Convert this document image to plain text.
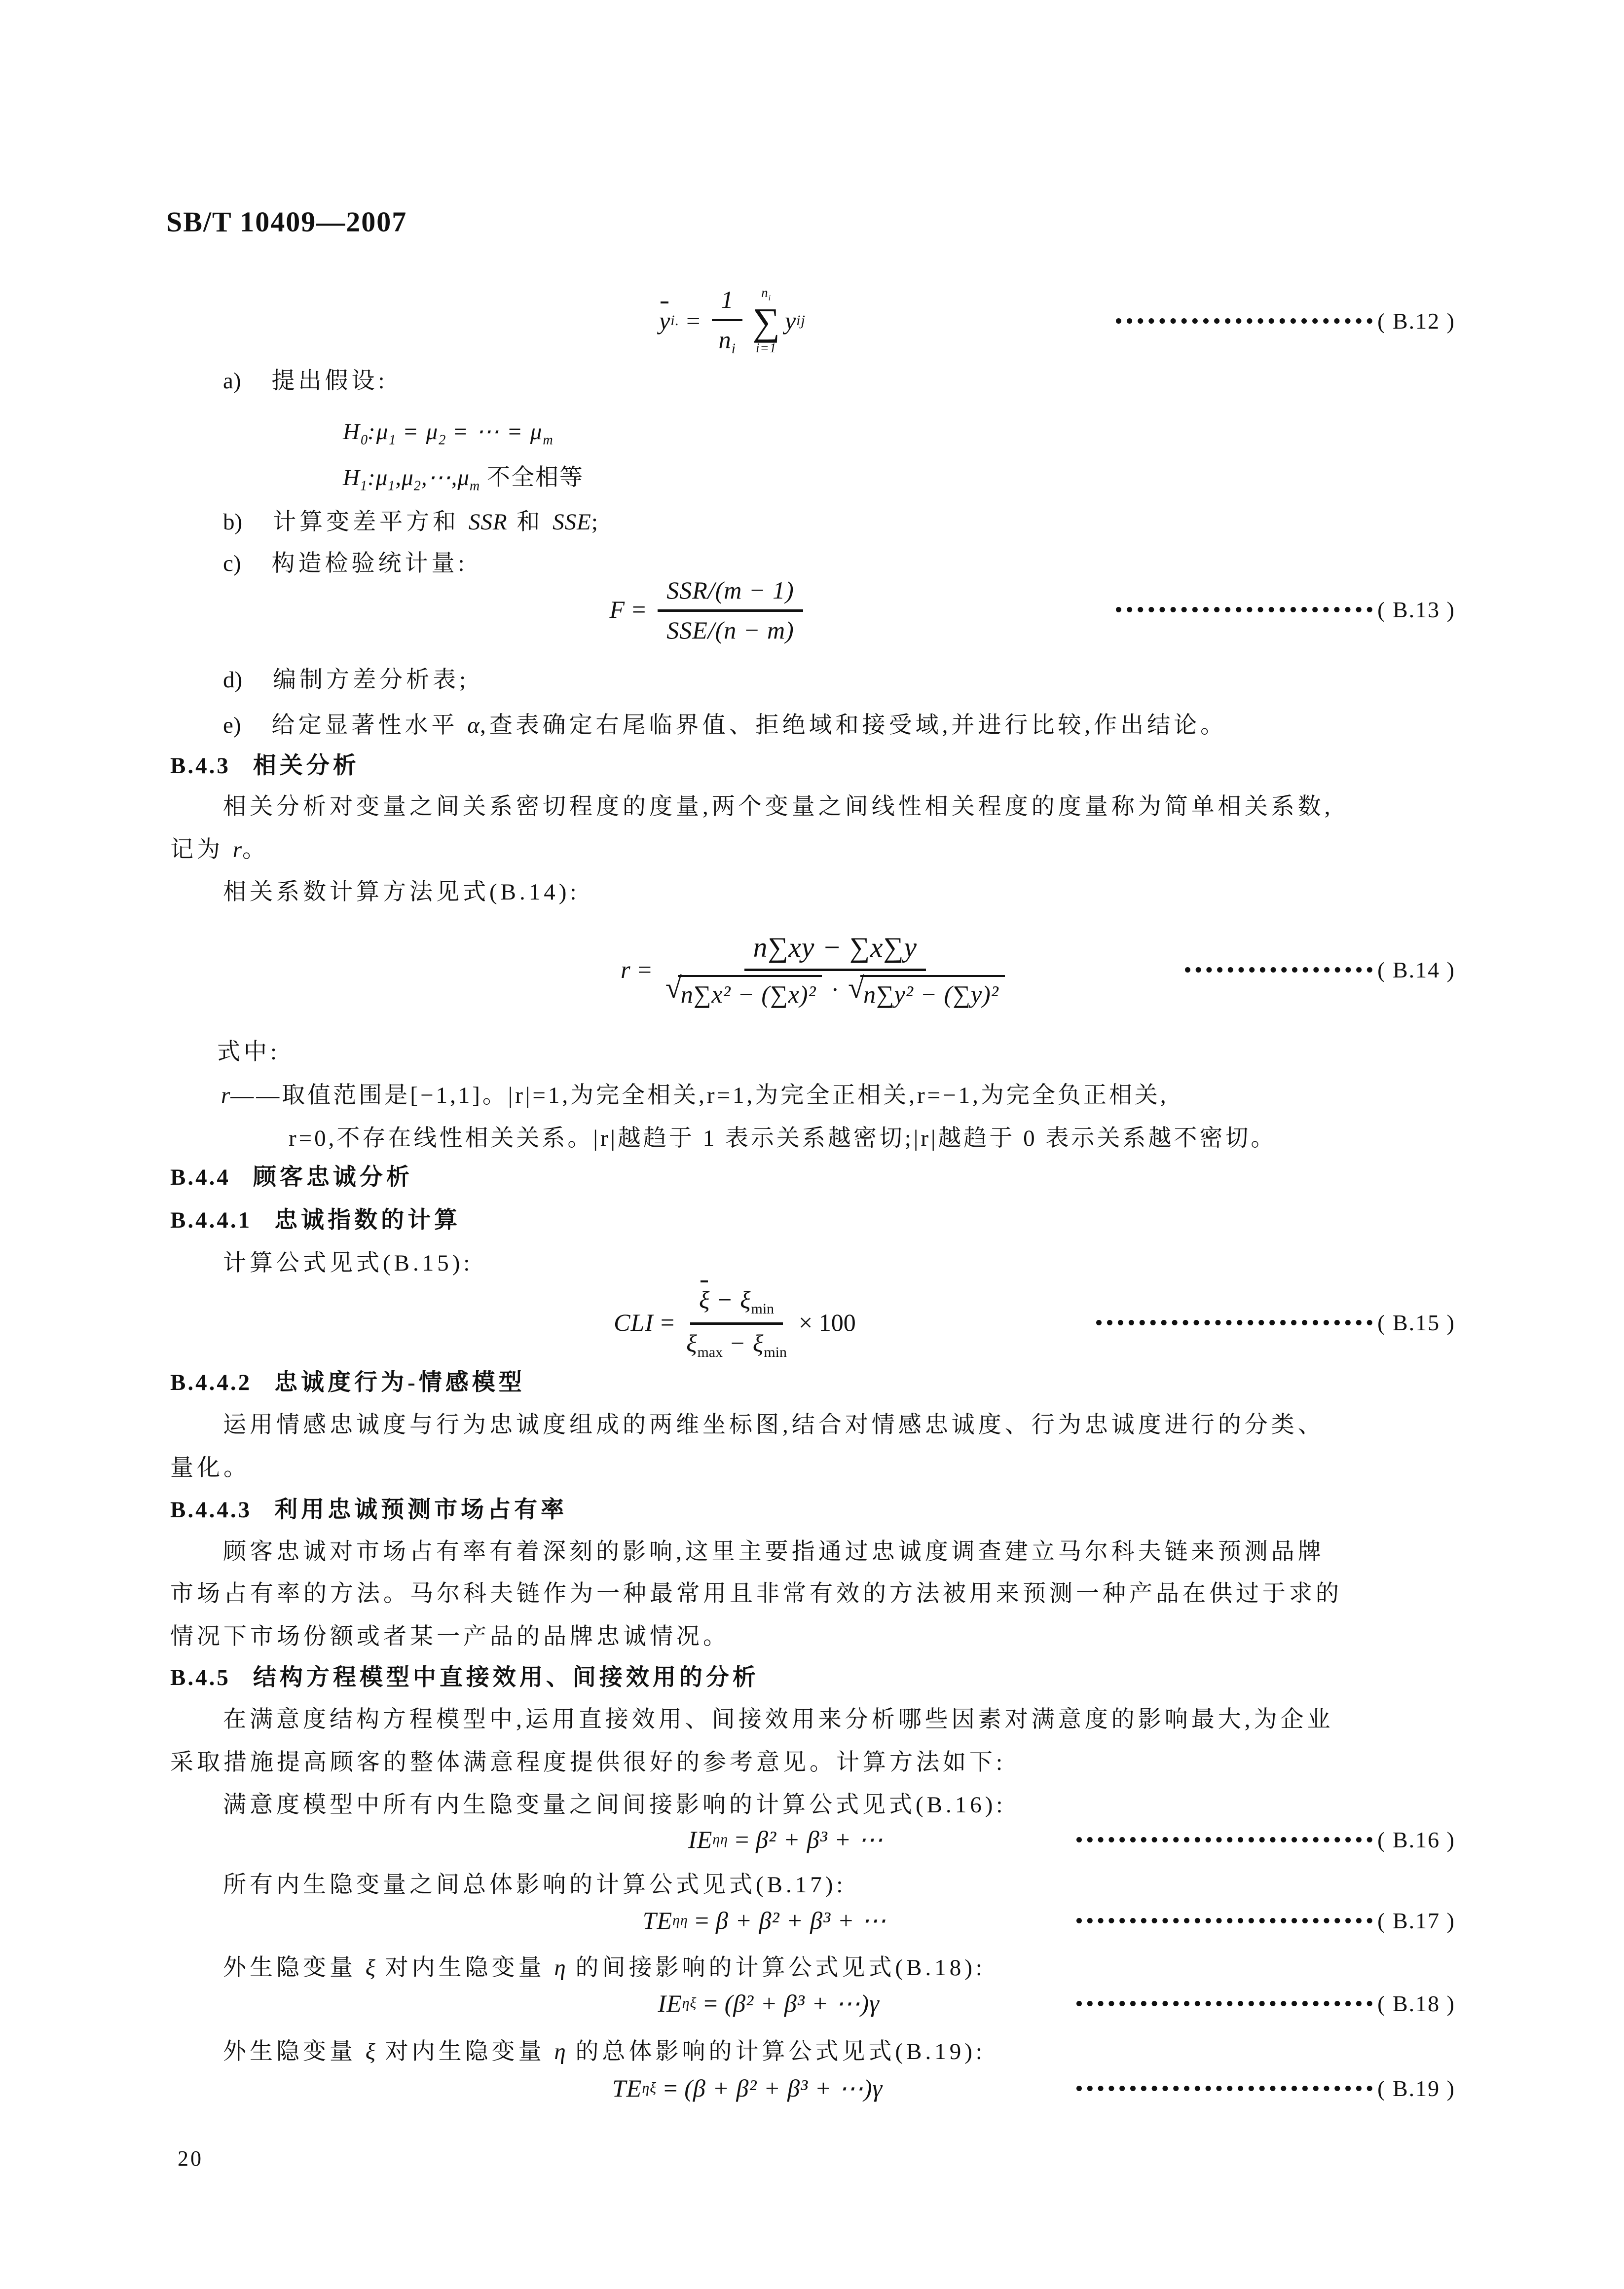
SB/T 10409—2007
y i. = $\frac{1}{n_i} n_i$
∑
i=1
y ij	( B.12 )
a) 提出假设:
$H_0:\mu_1 = \mu_2$ = ⋯ = $\mu_m$
$H_1:\mu_1,\mu_2,\cdots,\mu_m$ 不全相等
b) 计算变差平方和 SSR 和 SSE;
c) 构造检验统计量:
$F = \frac{\text{SSR/(m − 1)}}{\text{SSE/(n − m)}}$	( B.13 )
d) 编制方差分析表;
e) 给定显著性水平 α,查表确定右尾临界值、拒绝域和接受域,并进行比较,作出结论。
B.4.3 相关分析
相关分析对变量之间关系密切程度的度量,两个变量之间线性相关程度的度量称为简单相关系数,
记为 r。
相关系数计算方法见式(B.14):
r = n∑xy − ∑x∑y
√
n∑x² − (∑x)² · √
n∑y² − (∑y)²	( B.14 )
式中:
r——取值范围是[−1,1]。|r|=1,为完全相关,r=1,为完全正相关,r=−1,为完全负正相关,
r=0,不存在线性相关关系。|r|越趋于 1 表示关系越密切;|r|越趋于 0 表示关系越不密切。
B.4.4 顾客忠诚分析
B.4.4.1 忠诚指数的计算
计算公式见式(B.15):
CLI = $\frac{\xi - \xi_{min}}{\xi_{max} - \xi_{min}} \times 100$	( B.15 )
B.4.4.2 忠诚度行为-情感模型
运用情感忠诚度与行为忠诚度组成的两维坐标图,结合对情感忠诚度、行为忠诚度进行的分类、
量化。
B.4.4.3 利用忠诚预测市场占有率
顾客忠诚对市场占有率有着深刻的影响,这里主要指通过忠诚度调查建立马尔科夫链来预测品牌
市场占有率的方法。马尔科夫链作为一种最常用且非常有效的方法被用来预测一种产品在供过于求的
情况下市场份额或者某一产品的品牌忠诚情况。
B.4.5 结构方程模型中直接效用、间接效用的分析
在满意度结构方程模型中,运用直接效用、间接效用来分析哪些因素对满意度的影响最大,为企业
采取措施提高顾客的整体满意程度提供很好的参考意见。计算方法如下:
满意度模型中所有内生隐变量之间间接影响的计算公式见式(B.16):
IE ηη = β² + β³ + ⋯	( B.16 )
所有内生隐变量之间总体影响的计算公式见式(B.17):
TE ηη = β + β² + β³ + ⋯	( B.17 )
外生隐变量 ξ 对内生隐变量 η 的间接影响的计算公式见式(B.18):
IE ηξ = (β² + β³ + ⋯)γ	( B.18 )
外生隐变量 ξ 对内生隐变量 η 的总体影响的计算公式见式(B.19):
TE ηξ = (β + β² + β³ + ⋯)γ	( B.19 )
20
